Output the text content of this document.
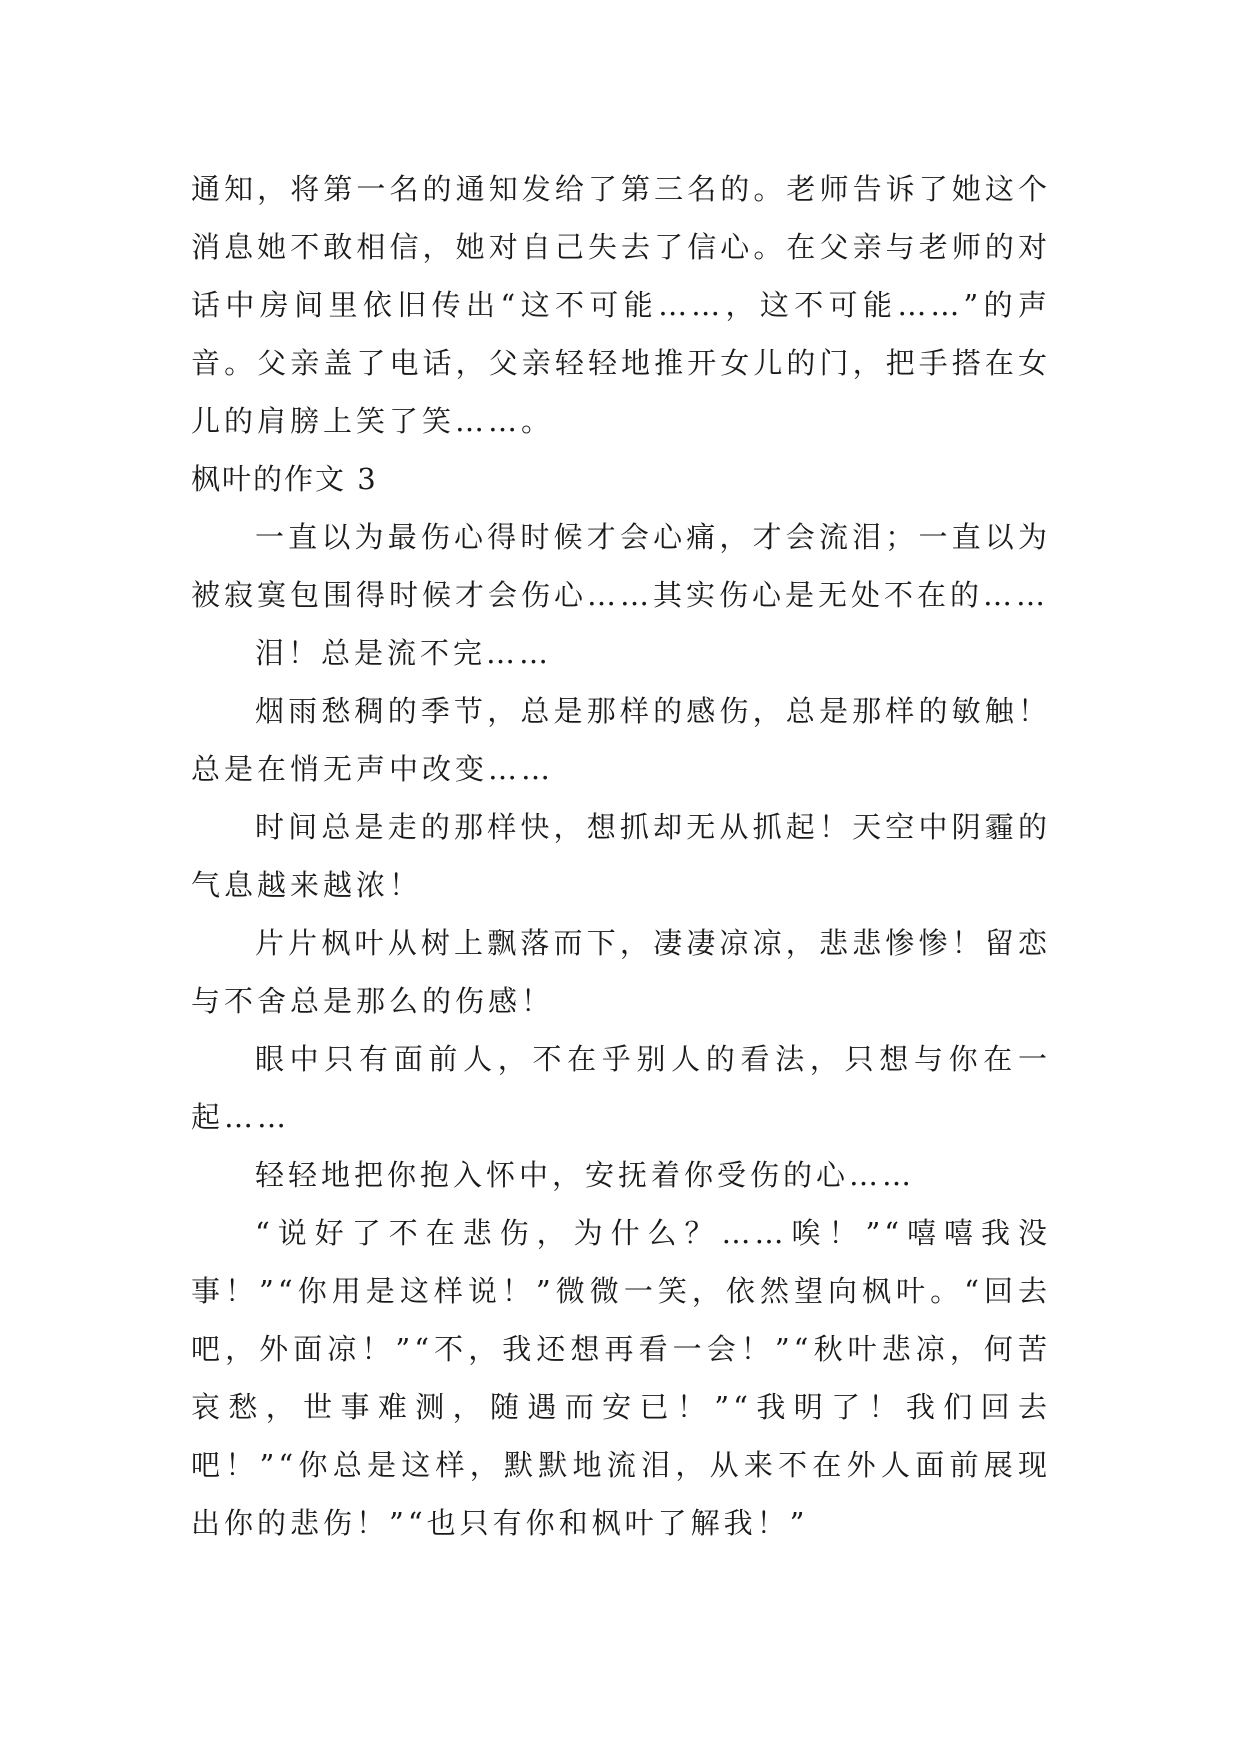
通知，将第一名的通知发给了第三名的。老师告诉了她这个消息她不敢相信，她对自己失去了信心。在父亲与老师的对话中房间里依旧传出“这不可能……，这不可能……”的声音。父亲盖了电话，父亲轻轻地推开女儿的门，把手搭在女儿的肩膀上笑了笑……。

枫叶的作文 3

一直以为最伤心得时候才会心痛，才会流泪；一直以为被寂寞包围得时候才会伤心……其实伤心是无处不在的……

泪！总是流不完……

烟雨愁稠的季节，总是那样的感伤，总是那样的敏触！总是在悄无声中改变……

时间总是走的那样快，想抓却无从抓起！天空中阴霾的气息越来越浓！

片片枫叶从树上飘落而下，凄凄凉凉，悲悲惨惨！留恋与不舍总是那么的伤感！

眼中只有面前人，不在乎别人的看法，只想与你在一起……

轻轻地把你抱入怀中，安抚着你受伤的心……

“说好了不在悲伤，为什么？……唉！”“嘻嘻我没事！”“你用是这样说！”微微一笑，依然望向枫叶。“回去吧，外面凉！”“不，我还想再看一会！”“秋叶悲凉，何苦哀愁，世事难测，随遇而安已！”“我明了！我们回去吧！”“你总是这样，默默地流泪，从来不在外人面前展现出你的悲伤！”“也只有你和枫叶了解我！”
